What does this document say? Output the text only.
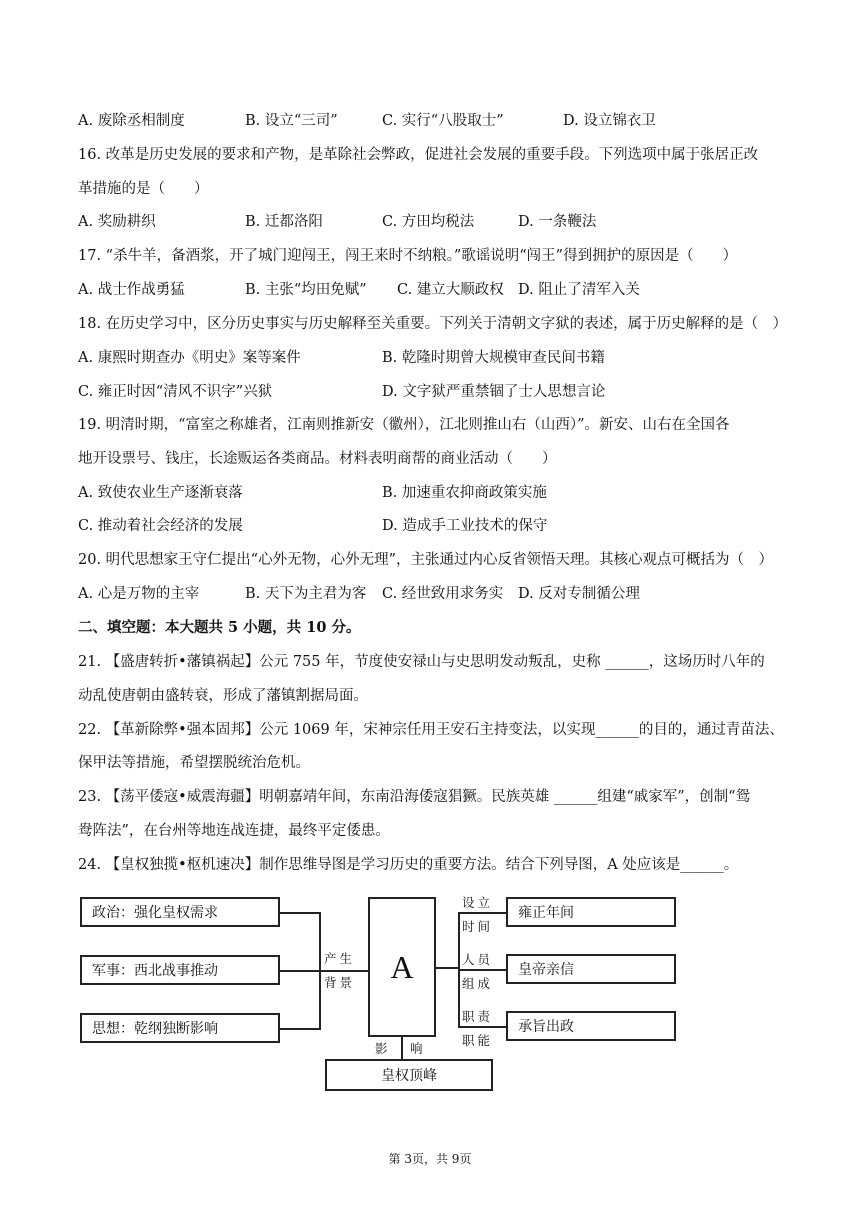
A. 废除丞相制度	B. 设立“三司”	C. 实行“八股取士”	D. 设立锦衣卫
16. 改革是历史发展的要求和产物，是革除社会弊政，促进社会发展的重要手段。下列选项中属于张居正改
革措施的是（　　）
A. 奖励耕织	B. 迁都洛阳	C. 方田均税法	D. 一条鞭法
17. “杀牛羊，备酒浆，开了城门迎闯王，闯王来时不纳粮。”歌谣说明“闯王”得到拥护的原因是（　　）
A. 战士作战勇猛	B. 主张“均田免赋” C. 建立大顺政权 D. 阻止了清军入关
18. 在历史学习中，区分历史事实与历史解释至关重要。下列关于清朝文字狱的表述，属于历史解释的是（　）
A. 康熙时期查办《明史》案等案件	B. 乾隆时期曾大规模审查民间书籍
C. 雍正时因“清风不识字”兴狱	D. 文字狱严重禁锢了士人思想言论
19. 明清时期，“富室之称雄者，江南则推新安（徽州），江北则推山右（山西）”。新安、山右在全国各
地开设票号、钱庄，长途贩运各类商品。材料表明商帮的商业活动（　　）
A. 致使农业生产逐渐衰落	B. 加速重农抑商政策实施
C. 推动着社会经济的发展	D. 造成手工业技术的保守
20. 明代思想家王守仁提出“心外无物，心外无理”，主张通过内心反省领悟天理。其核心观点可概括为（　）
A. 心是万物的主宰	B. 天下为主君为客 C. 经世致用求务实 D. 反对专制循公理
二、填空题：本大题共 5 小题，共 10 分。
21. 【盛唐转折•藩镇祸起】公元 755 年，节度使安禄山与史思明发动叛乱，史称 ______，这场历时八年的
动乱使唐朝由盛转衰，形成了藩镇割据局面。
22. 【革新除弊•强本固邦】公元 1069 年，宋神宗任用王安石主持变法，以实现______的目的，通过青苗法、
保甲法等措施，希望摆脱统治危机。
23. 【荡平倭寇•威震海疆】明朝嘉靖年间，东南沿海倭寇猖獗。民族英雄 ______组建“戚家军”，创制“鸳
鸯阵法”，在台州等地连战连捷，最终平定倭患。
24. 【皇权独揽•枢机速决】制作思维导图是学习历史的重要方法。结合下列导图，A 处应该是______。
政治：强化皇权需求
军事：西北战事推动
思想：乾纲独断影响
产生
背景	A
影 响
皇权顶峰
设立
时间
人员
组成
职责
职能
雍正年间
皇帝亲信
承旨出政
第 3页，共 9页
